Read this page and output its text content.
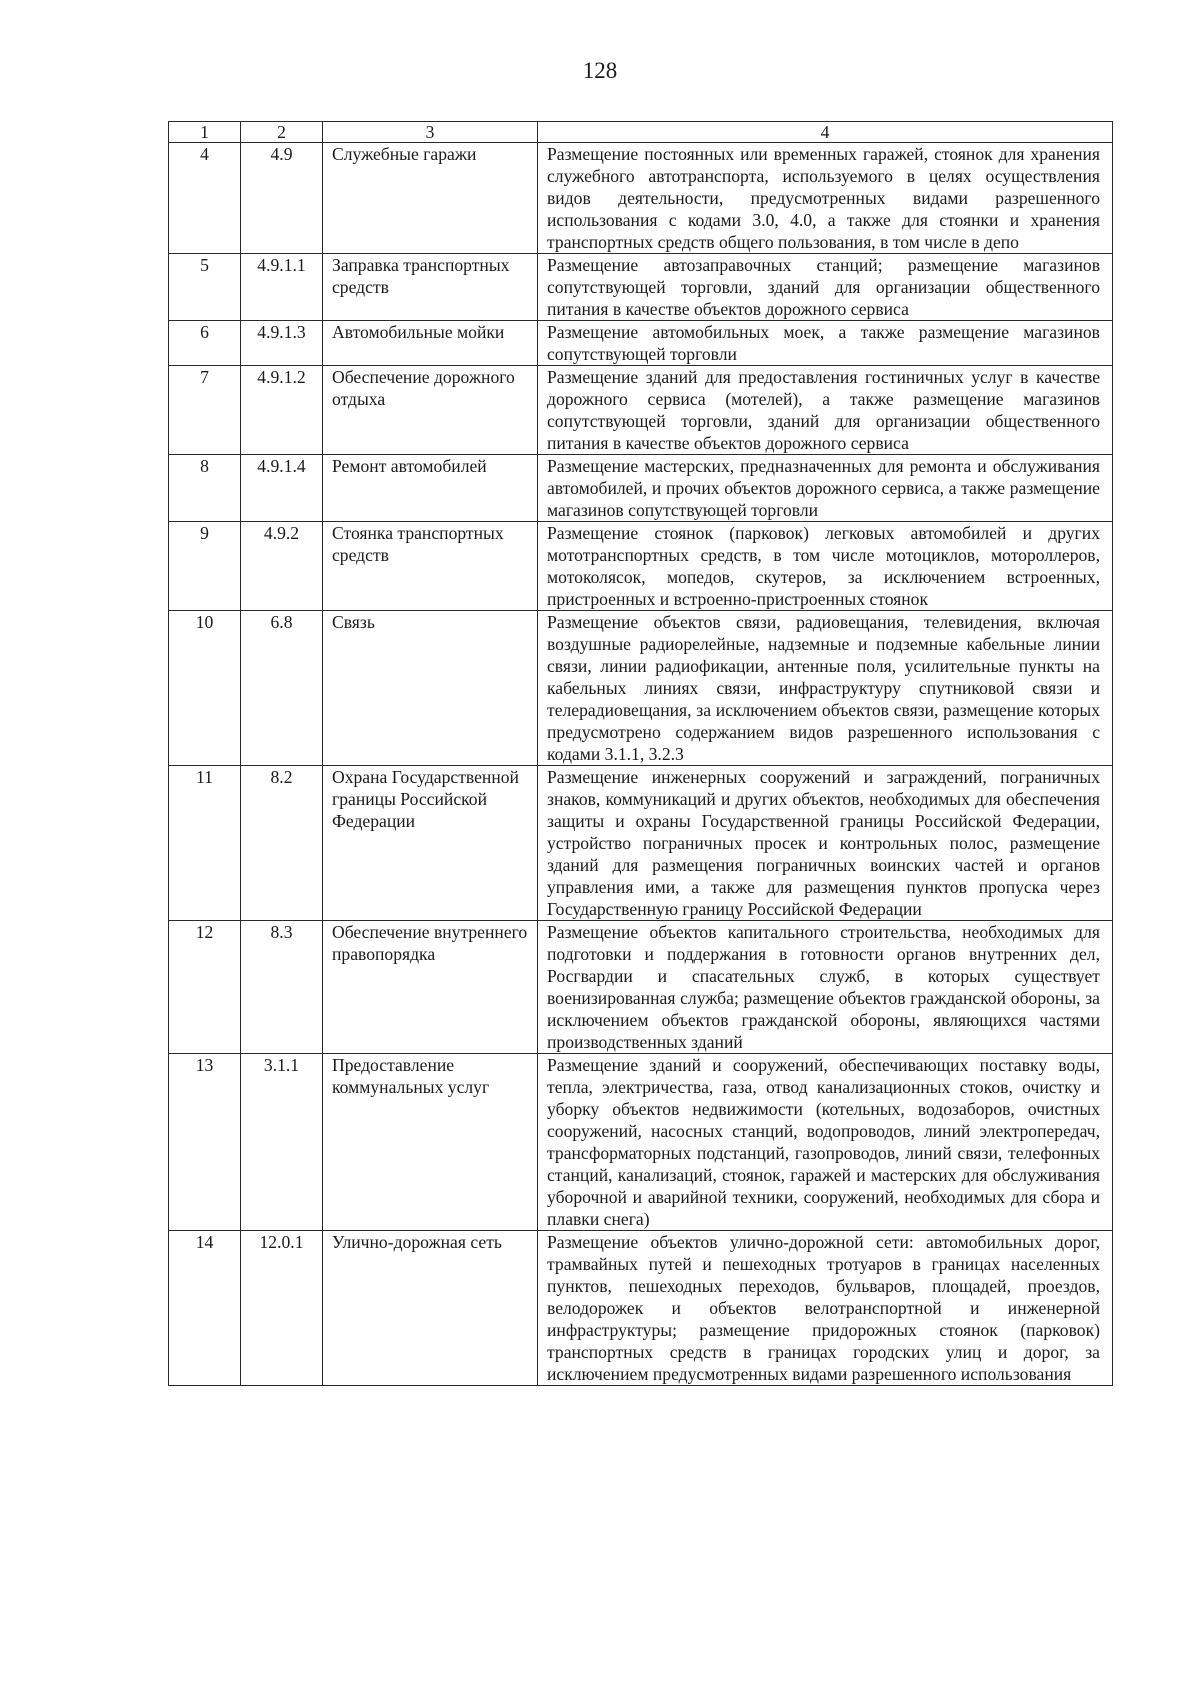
128
1	2	3	4
4	4.9	Служебные гаражи	Размещение постоянных или временных гаражей, стоянок для хранения служебного автотранспорта, используемого в целях осуществления видов деятельности, предусмотренных видами разрешенного использования с кодами 3.0, 4.0, а также для стоянки и хранения транспортных средств общего пользования, в том числе в депо
5	4.9.1.1	Заправка транспортных средств	Размещение автозаправочных станций; размещение магазинов сопутствующей торговли, зданий для организации общественного питания в качестве объектов дорожного сервиса
6	4.9.1.3	Автомобильные мойки	Размещение автомобильных моек, а также размещение магазинов сопутствующей торговли
7	4.9.1.2	Обеспечение дорожного отдыха	Размещение зданий для предоставления гостиничных услуг в качестве дорожного сервиса (мотелей), а также размещение магазинов сопутствующей торговли, зданий для организации общественного питания в качестве объектов дорожного сервиса
8	4.9.1.4	Ремонт автомобилей	Размещение мастерских, предназначенных для ремонта и обслуживания автомобилей, и прочих объектов дорожного сервиса, а также размещение магазинов сопутствующей торговли
9	4.9.2	Стоянка транспортных средств	Размещение стоянок (парковок) легковых автомобилей и других мототранспортных средств, в том числе мотоциклов, мотороллеров, мотоколясок, мопедов, скутеров, за исключением встроенных, пристроенных и встроенно-пристроенных стоянок
10	6.8	Связь	Размещение объектов связи, радиовещания, телевидения, включая воздушные радиорелейные, надземные и подземные кабельные линии связи, линии радиофикации, антенные поля, усилительные пункты на кабельных линиях связи, инфраструктуру спутниковой связи и телерадиовещания, за исключением объектов связи, размещение которых предусмотрено содержанием видов разрешенного использования с кодами 3.1.1, 3.2.3
11	8.2	Охрана Государственной границы Российской Федерации	Размещение инженерных сооружений и заграждений, пограничных знаков, коммуникаций и других объектов, необходимых для обеспечения защиты и охраны Государственной границы Российской Федерации, устройство пограничных просек и контрольных полос, размещение зданий для размещения пограничных воинских частей и органов управления ими, а также для размещения пунктов пропуска через Государственную границу Российской Федерации
12	8.3	Обеспечение внутреннего правопорядка	Размещение объектов капитального строительства, необходимых для подготовки и поддержания в готовности органов внутренних дел, Росгвардии и спасательных служб, в которых существует военизированная служба; размещение объектов гражданской обороны, за исключением объектов гражданской обороны, являющихся частями производственных зданий
13	3.1.1	Предоставление коммунальных услуг	Размещение зданий и сооружений, обеспечивающих поставку воды, тепла, электричества, газа, отвод канализационных стоков, очистку и уборку объектов недвижимости (котельных, водозаборов, очистных сооружений, насосных станций, водопроводов, линий электропередач, трансформаторных подстанций, газопроводов, линий связи, телефонных станций, канализаций, стоянок, гаражей и мастерских для обслуживания уборочной и аварийной техники, сооружений, необходимых для сбора и плавки снега)
14	12.0.1	Улично-дорожная сеть	Размещение объектов улично-дорожной сети: автомобильных дорог, трамвайных путей и пешеходных тротуаров в границах населенных пунктов, пешеходных переходов, бульваров, площадей, проездов, велодорожек и объектов велотранспортной и инженерной инфраструктуры; размещение придорожных стоянок (парковок) транспортных средств в границах городских улиц и дорог, за исключением предусмотренных видами разрешенного использования
